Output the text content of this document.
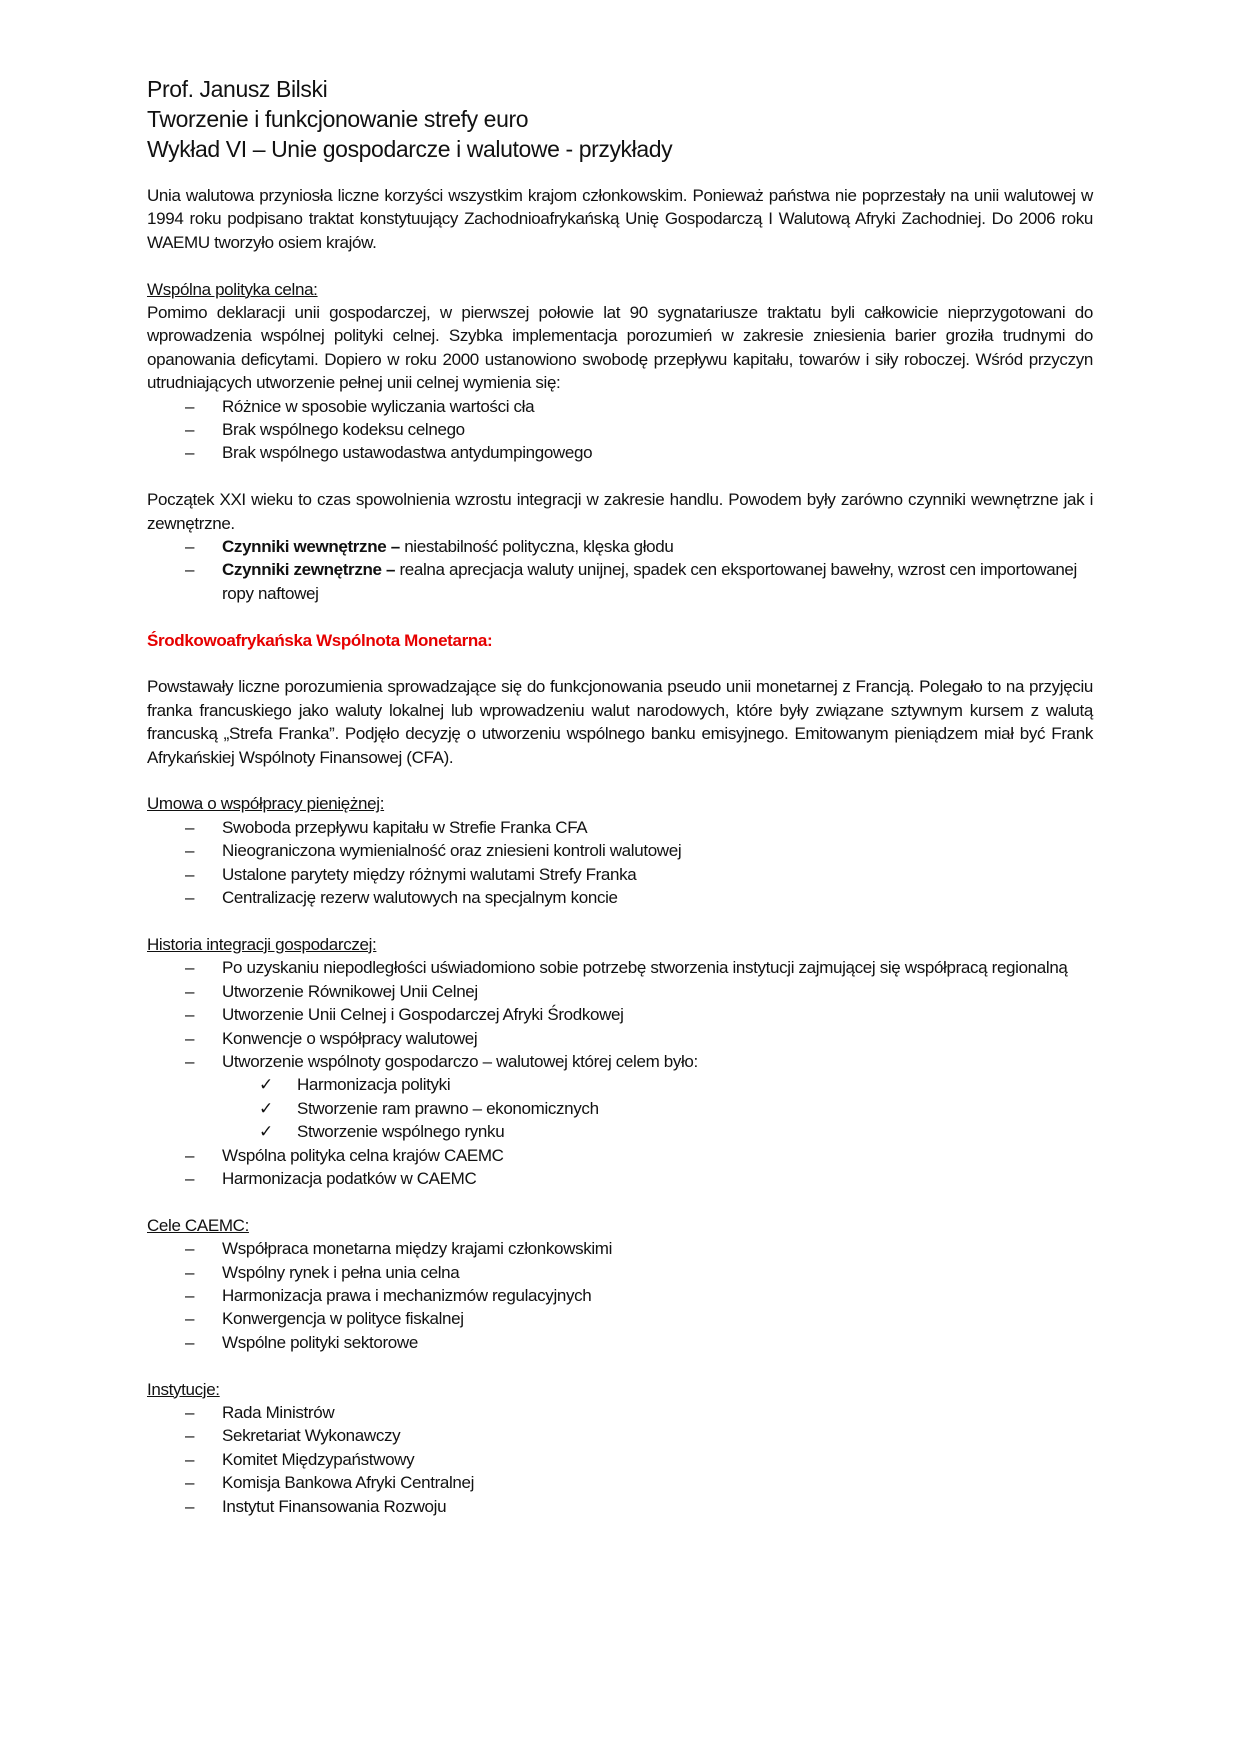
Prof. Janusz Bilski
Tworzenie i funkcjonowanie strefy euro
Wykład VI – Unie gospodarcze i walutowe - przykłady

Unia walutowa przyniosła liczne korzyści wszystkim krajom członkowskim. Ponieważ państwa nie poprzestały na unii walutowej w 1994 roku podpisano traktat konstytuujący Zachodnioafrykańską Unię Gospodarczą I Walutową Afryki Zachodniej. Do 2006 roku WAEMU tworzyło osiem krajów.

Wspólna polityka celna:

Pomimo deklaracji unii gospodarczej, w pierwszej połowie lat 90 sygnatariusze traktatu byli całkowicie nieprzygotowani do wprowadzenia wspólnej polityki celnej. Szybka implementacja porozumień w zakresie zniesienia barier groziła trudnymi do opanowania deficytami. Dopiero w roku 2000 ustanowiono swobodę przepływu kapitału, towarów i siły roboczej. Wśród przyczyn utrudniających utworzenie pełnej unii celnej wymienia się:

– Różnice w sposobie wyliczania wartości cła
– Brak wspólnego kodeksu celnego
– Brak wspólnego ustawodastwa antydumpingowego

Początek XXI wieku to czas spowolnienia wzrostu integracji w zakresie handlu. Powodem były zarówno czynniki wewnętrzne jak i zewnętrzne.

– Czynniki wewnętrzne – niestabilność polityczna, klęska głodu
– Czynniki zewnętrzne – realna aprecjacja waluty unijnej, spadek cen eksportowanej bawełny, wzrost cen importowanej ropy naftowej
Środkowoafrykańska Wspólnota Monetarna:

Powstawały liczne porozumienia sprowadzające się do funkcjonowania pseudo unii monetarnej z Francją. Polegało to na przyjęciu franka francuskiego jako waluty lokalnej lub wprowadzeniu walut narodowych, które były związane sztywnym kursem z walutą francuską „Strefa Franka”. Podjęło decyzję o utworzeniu wspólnego banku emisyjnego. Emitowanym pieniądzem miał być Frank Afrykańskiej Wspólnoty Finansowej (CFA).

Umowa o współpracy pieniężnej:
– Swoboda przepływu kapitału w Strefie Franka CFA
– Nieograniczona wymienialność oraz zniesieni kontroli walutowej
– Ustalone parytety między różnymi walutami Strefy Franka
– Centralizację rezerw walutowych na specjalnym koncie
Historia integracji gospodarczej:
– Po uzyskaniu niepodległości uświadomiono sobie potrzebę stworzenia instytucji zajmującej się współpracą regionalną
– Utworzenie Równikowej Unii Celnej
– Utworzenie Unii Celnej i Gospodarczej Afryki Środkowej
– Konwencje o współpracy walutowej
– Utworzenie wspólnoty gospodarczo – walutowej której celem było:
✓ Harmonizacja polityki
✓ Stworzenie ram prawno – ekonomicznych
✓ Stworzenie wspólnego rynku
– Wspólna polityka celna krajów CAEMC
– Harmonizacja podatków w CAEMC
Cele CAEMC:
– Współpraca monetarna między krajami członkowskimi
– Wspólny rynek i pełna unia celna
– Harmonizacja prawa i mechanizmów regulacyjnych
– Konwergencja w polityce fiskalnej
– Wspólne polityki sektorowe
Instytucje:
– Rada Ministrów
– Sekretariat Wykonawczy
– Komitet Międzypaństwowy
– Komisja Bankowa Afryki Centralnej
– Instytut Finansowania Rozwoju
